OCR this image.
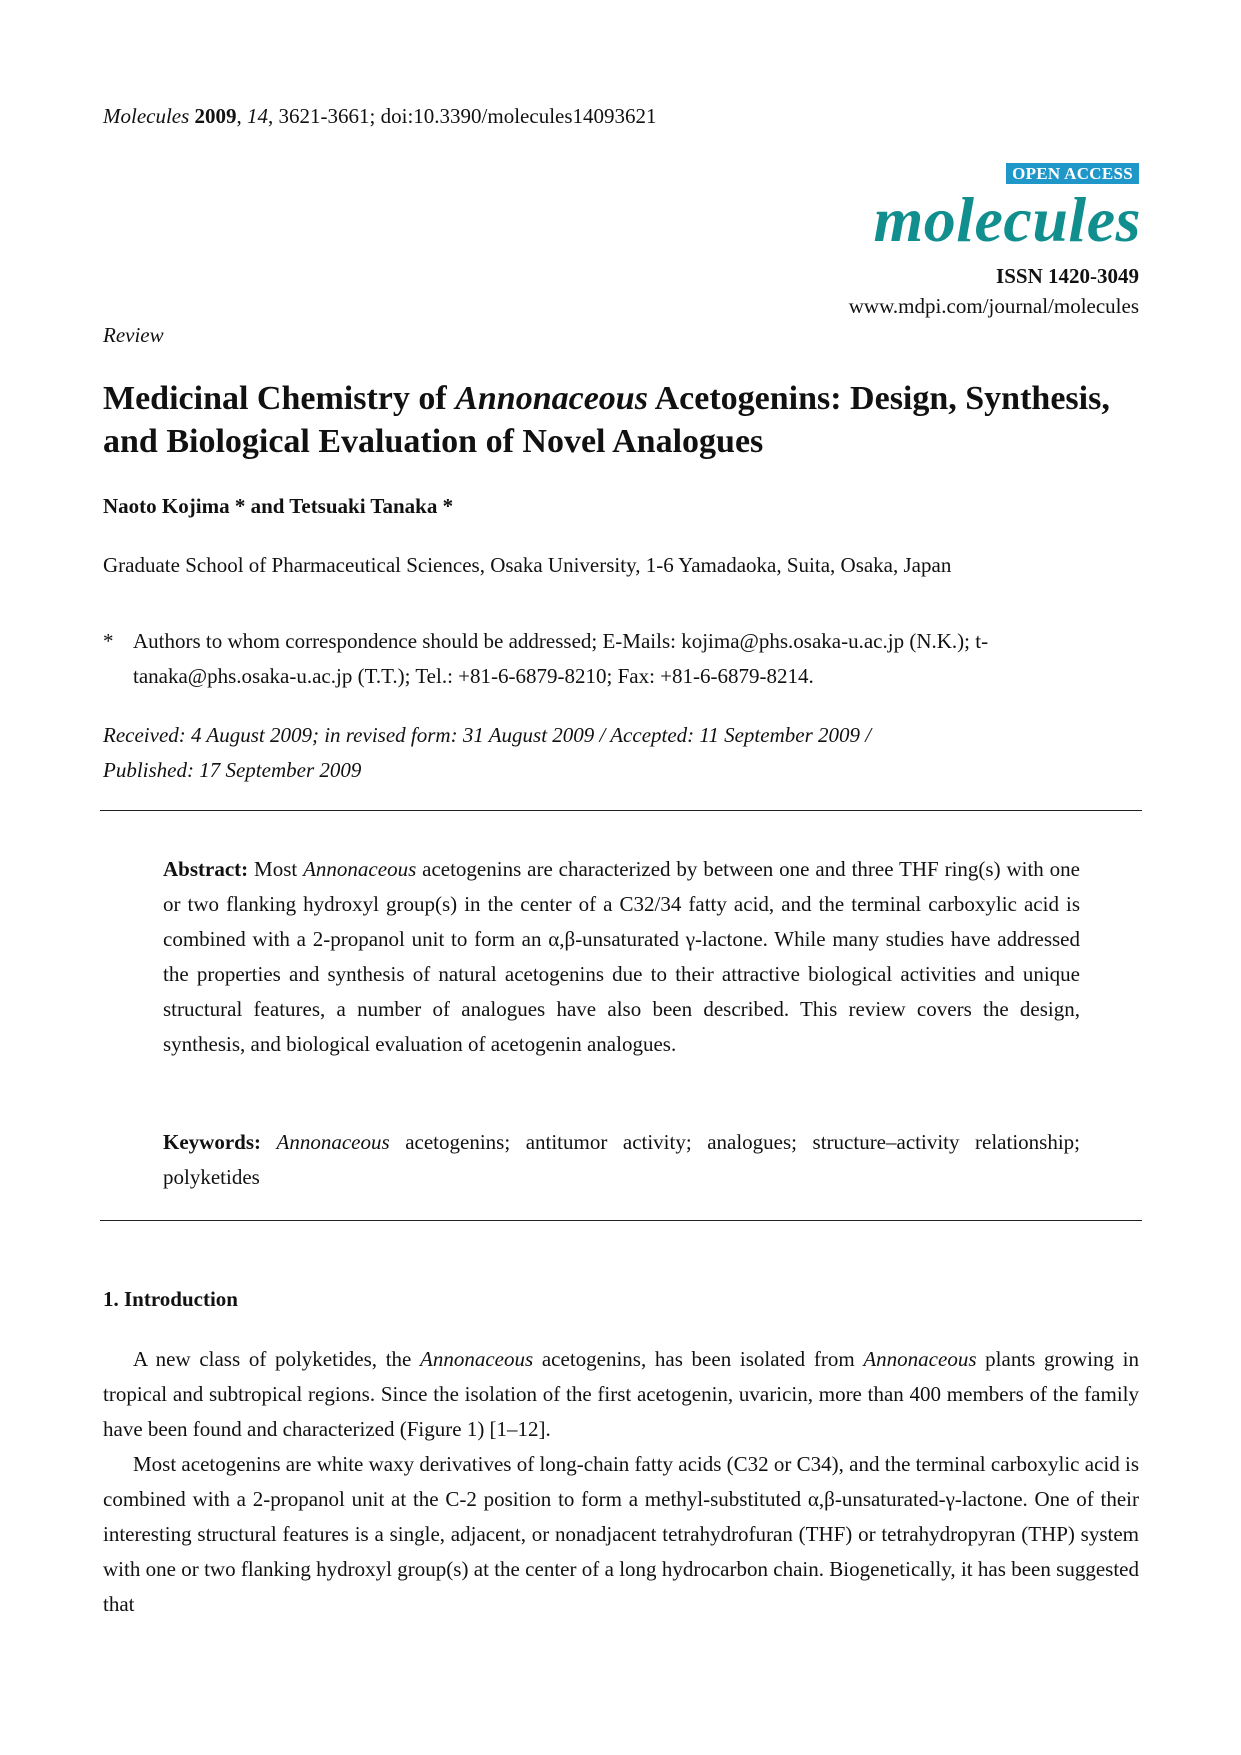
Molecules 2009, 14, 3621-3661; doi:10.3390/molecules14093621
OPEN ACCESS
molecules
ISSN 1420-3049
www.mdpi.com/journal/molecules
Review
Medicinal Chemistry of Annonaceous Acetogenins: Design, Synthesis, and Biological Evaluation of Novel Analogues
Naoto Kojima * and Tetsuaki Tanaka *
Graduate School of Pharmaceutical Sciences, Osaka University, 1-6 Yamadaoka, Suita, Osaka, Japan
* Authors to whom correspondence should be addressed; E-Mails: kojima@phs.osaka-u.ac.jp (N.K.); t-tanaka@phs.osaka-u.ac.jp (T.T.); Tel.: +81-6-6879-8210; Fax: +81-6-6879-8214.
Received: 4 August 2009; in revised form: 31 August 2009 / Accepted: 11 September 2009 /
Published: 17 September 2009
Abstract: Most Annonaceous acetogenins are characterized by between one and three THF ring(s) with one or two flanking hydroxyl group(s) in the center of a C32/34 fatty acid, and the terminal carboxylic acid is combined with a 2-propanol unit to form an α,β-unsaturated γ-lactone. While many studies have addressed the properties and synthesis of natural acetogenins due to their attractive biological activities and unique structural features, a number of analogues have also been described. This review covers the design, synthesis, and biological evaluation of acetogenin analogues.
Keywords: Annonaceous acetogenins; antitumor activity; analogues; structure–activity relationship; polyketides
1. Introduction
A new class of polyketides, the Annonaceous acetogenins, has been isolated from Annonaceous plants growing in tropical and subtropical regions. Since the isolation of the first acetogenin, uvaricin, more than 400 members of the family have been found and characterized (Figure 1) [1–12].
Most acetogenins are white waxy derivatives of long-chain fatty acids (C32 or C34), and the terminal carboxylic acid is combined with a 2-propanol unit at the C-2 position to form a methyl-substituted α,β-unsaturated-γ-lactone. One of their interesting structural features is a single, adjacent, or nonadjacent tetrahydrofuran (THF) or tetrahydropyran (THP) system with one or two flanking hydroxyl group(s) at the center of a long hydrocarbon chain. Biogenetically, it has been suggested that
